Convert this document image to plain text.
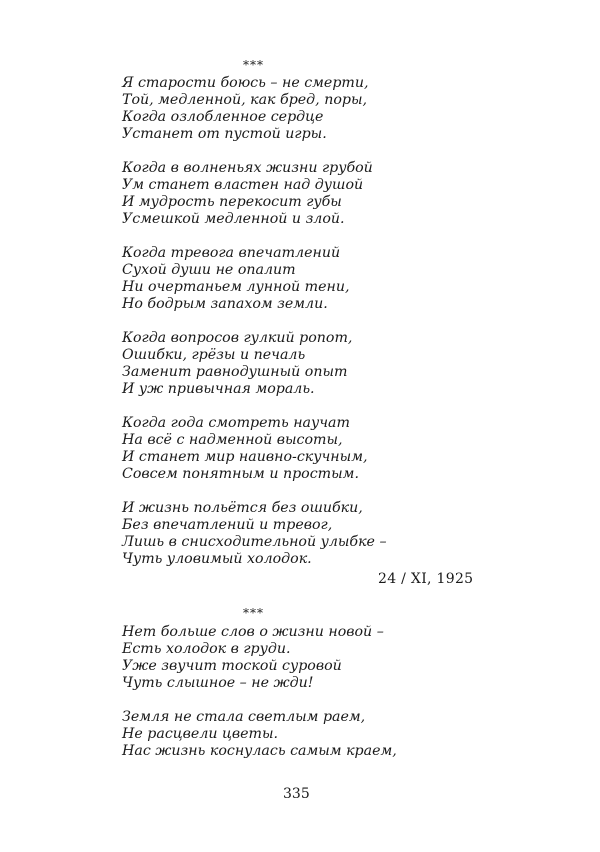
***
Я старости боюсь – не смерти,
Той, медленной, как бред, поры,
Когда озлобленное сердце
Устанет от пустой игры.
Когда в волненьях жизни грубой
Ум станет властен над душой
И мудрость перекосит губы
Усмешкой медленной и злой.
Когда тревога впечатлений
Сухой души не опалит
Ни очертаньем лунной тени,
Но бодрым запахом земли.
Когда вопросов гулкий ропот,
Ошибки, грёзы и печаль
Заменит равнодушный опыт
И уж привычная мораль.
Когда года смотреть научат
На всё с надменной высоты,
И станет мир наивно-скучным,
Совсем понятным и простым.
И жизнь польётся без ошибки,
Без впечатлений и тревог,
Лишь в снисходительной улыбке –
Чуть уловимый холодок.
24 / XI, 1925
***
Нет больше слов о жизни новой –
Есть холодок в груди.
Уже звучит тоской суровой
Чуть слышное – не жди!
Земля не стала светлым раем,
Не расцвели цветы.
Нас жизнь коснулась самым краем,
335
